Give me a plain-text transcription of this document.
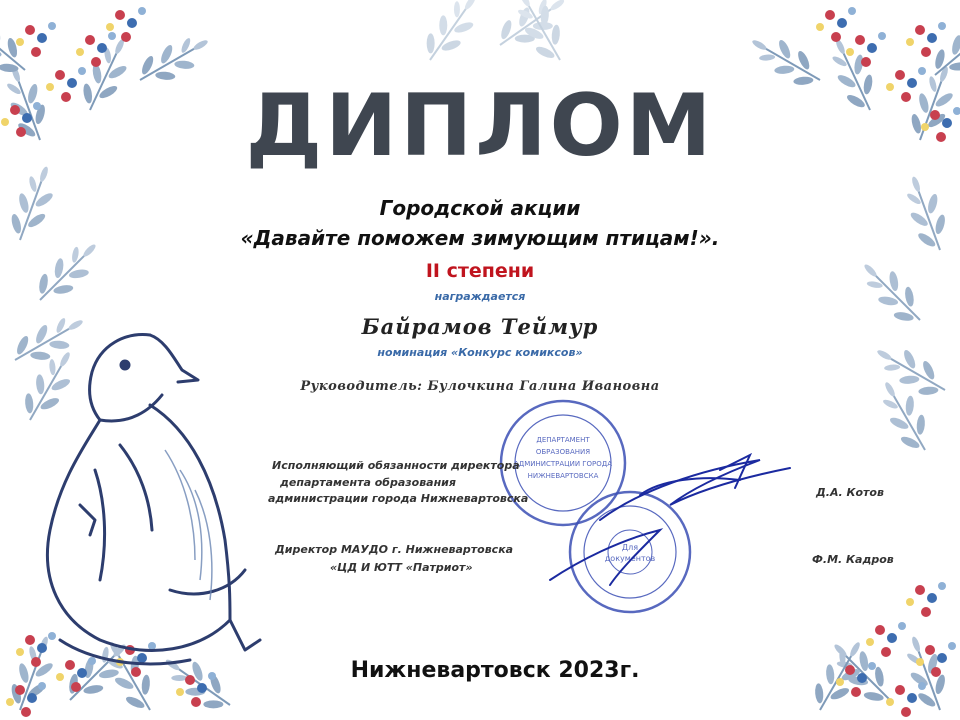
ДИПЛОМ
Городской акции
«Давайте поможем зимующим птицам!».
II степени
награждается
Байрамов Теймур
номинация «Конкурс комиксов»
Руководитель: Булочкина Галина Ивановна
ДЕПАРТАМЕНТ
ОБРАЗОВАНИЯ
АДМИНИСТРАЦИИ ГОРОДА
НИЖНЕВАРТОВСКА
Для
документов
Исполняющий обязанности директора
департамента образования
администрации города Нижневартовска	Д.А. Котов
Директор МАУДО г. Нижневартовска
«ЦД И ЮТТ «Патриот»
Ф.М. Кадров
Нижневартовск 2023г.
